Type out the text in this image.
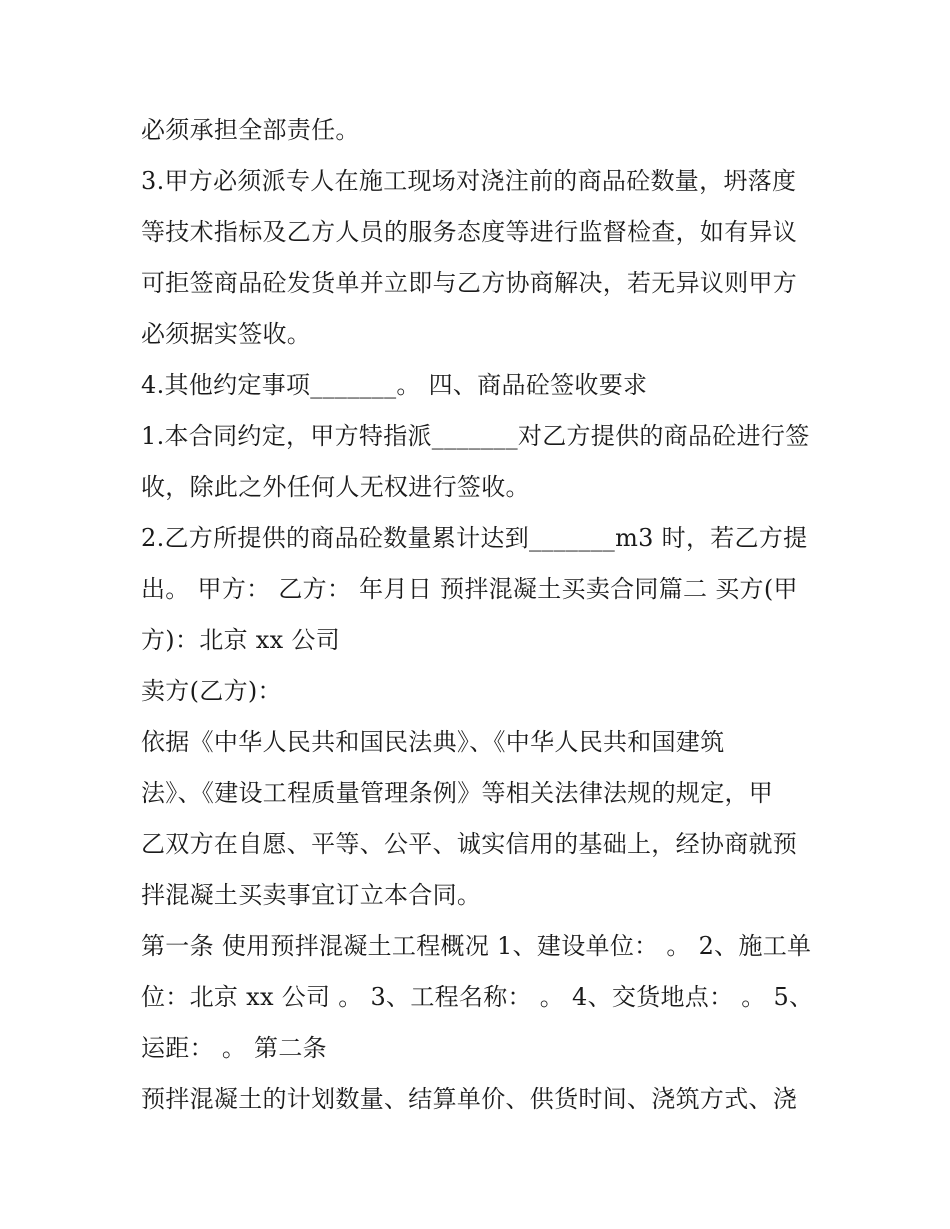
必须承担全部责任。
3.甲方必须派专人在施工现场对浇注前的商品砼数量，坍落度
等技术指标及乙方人员的服务态度等进行监督检查，如有异议
可拒签商品砼发货单并立即与乙方协商解决，若无异议则甲方
必须据实签收。
4.其他约定事项_______。 四、商品砼签收要求
1.本合同约定，甲方特指派_______对乙方提供的商品砼进行签
收，除此之外任何人无权进行签收。
2.乙方所提供的商品砼数量累计达到_______m3 时，若乙方提
出。 甲方： 乙方： 年月日 预拌混凝土买卖合同篇二 买方(甲
方)：北京 xx 公司
卖方(乙方)：
依据《中华人民共和国民法典》、《中华人民共和国建筑
法》、《建设工程质量管理条例》等相关法律法规的规定，甲
乙双方在自愿、平等、公平、诚实信用的基础上，经协商就预
拌混凝土买卖事宜订立本合同。
第一条 使用预拌混凝土工程概况 1、建设单位： 。 2、施工单
位：北京 xx 公司 。 3、工程名称： 。 4、交货地点： 。 5、
运距： 。 第二条
预拌混凝土的计划数量、结算单价、供货时间、浇筑方式、浇
